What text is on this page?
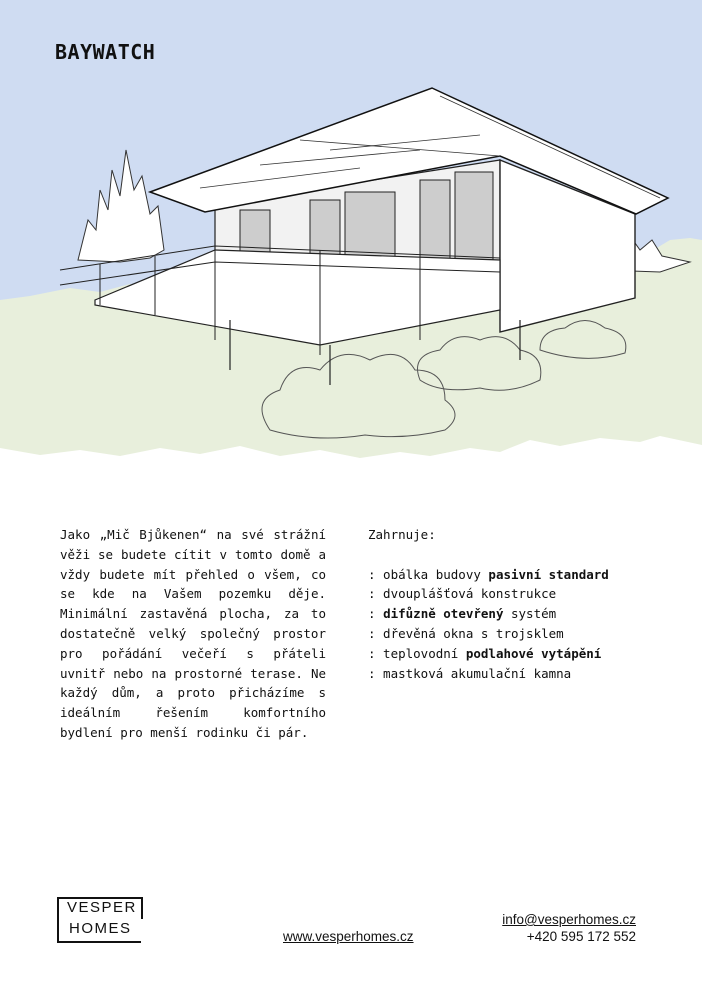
BAYWATCH

Jako „Mič Bjůkenen“ na své strážní věži se budete cítit v tomto domě a vždy budete mít přehled o všem, co se kde na Vašem pozemku děje. Minimální zastavěná plocha, za to dostatečně velký společný prostor pro pořádání večeří s přáteli uvnitř nebo na prostorné terase. Ne každý dům, a proto přicházíme s ideálním řešením komfortního bydlení pro menší rodinku či pár.

Zahrnuje:

: obálka budovy pasivní standard
: dvouplášťová konstrukce
: difůzně otevřený systém
: dřevěná okna s trojsklem
: teplovodní podlahové vytápění
: mastková akumulační kamna
VESPER
HOMES	www.vesperhomes.cz
info@vesperhomes.cz
+420 595 172 552
